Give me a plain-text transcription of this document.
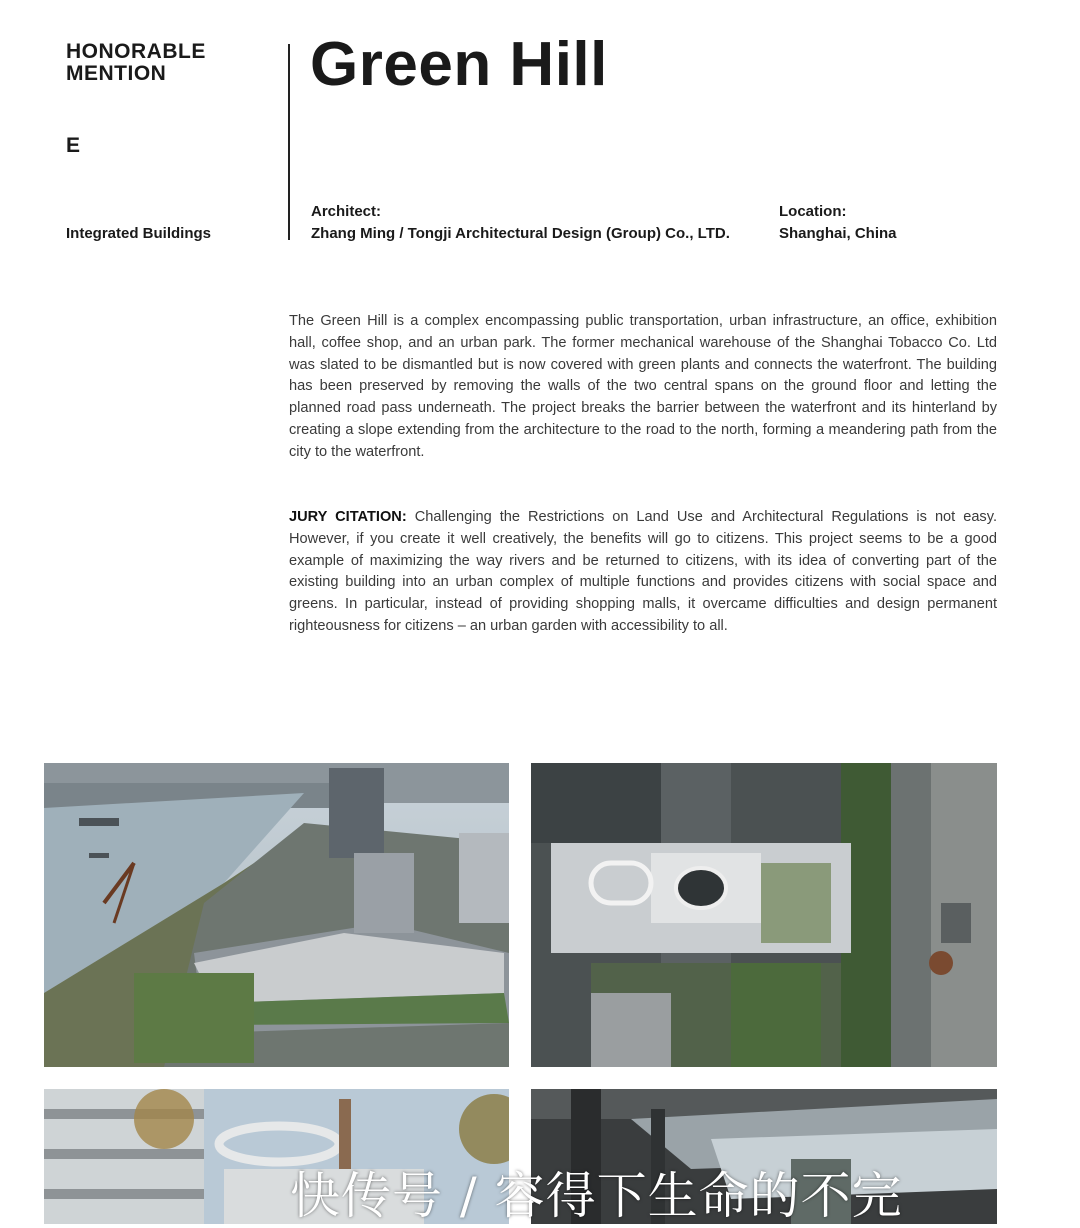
HONORABLE
MENTION
E
Integrated Buildings
Green Hill
Architect:
Zhang Ming / Tongji Architectural Design (Group) Co., LTD.
Location:
Shanghai, China

The Green Hill is a complex encompassing public transportation, urban infrastructure, an office, exhibition hall, coffee shop, and an urban park. The former mechanical warehouse of the Shanghai Tobacco Co. Ltd was slated to be dismantled but is now covered with green plants and connects the waterfront. The building has been preserved by removing the walls of the two central spans on the ground floor and letting the planned road pass underneath. The project breaks the barrier between the waterfront and its hinterland by creating a slope extending from the architecture to the road to the north, forming a meandering path from the city to the waterfront.

JURY CITATION: Challenging the Restrictions on Land Use and Architectural Regulations is not easy. However, if you create it well creatively, the benefits will go to citizens. This project seems to be a good example of maximizing the way rivers and be returned to citizens, with its idea of converting part of the existing building into an urban complex of multiple functions and provides citizens with social space and greens. In particular, instead of providing shopping malls, it overcame difficulties and design permanent righteousness for citizens – an urban garden with accessibility to all.

快传号 / 容得下生命的不完
